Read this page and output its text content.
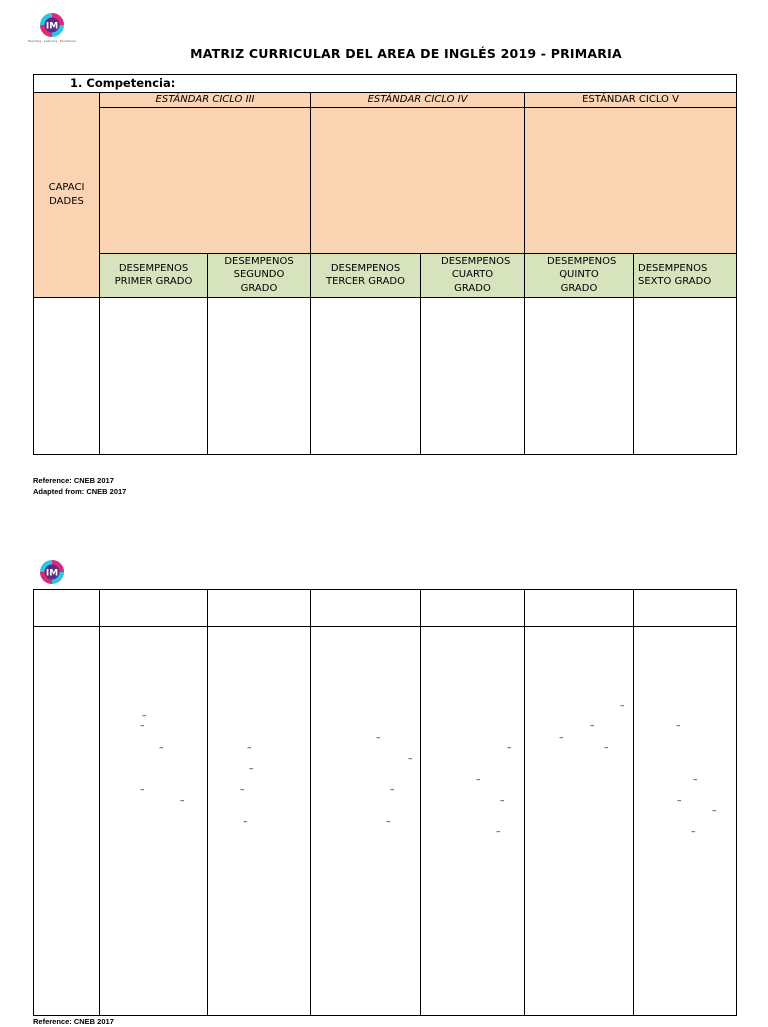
IM
Teaching · Learning · Excellence
MATRIZ CURRICULAR DEL AREA DE INGLÉS 2019 - PRIMARIA
1. Competencia:						
CAPACI DADES	ESTÁNDAR CICLO III		ESTÁNDAR CICLO IV		ESTÁNDAR CICLO V	

	DESEMPENOS PRIMER GRADO	DESEMPENOS SEGUNDO GRADO	DESEMPENOS TERCER GRADO	DESEMPENOS CUARTO GRADO	DESEMPENOS QUINTO GRADO	DESEMPENOS SEXTO GRADO

Reference: CNEB 2017
Adapted from: CNEB 2017
IM

–
–
–
–
–
–
–
–
–
–
–
–
–
–
–
–
–
–
–
–
–
–
–
–
–
–
Reference: CNEB 2017
